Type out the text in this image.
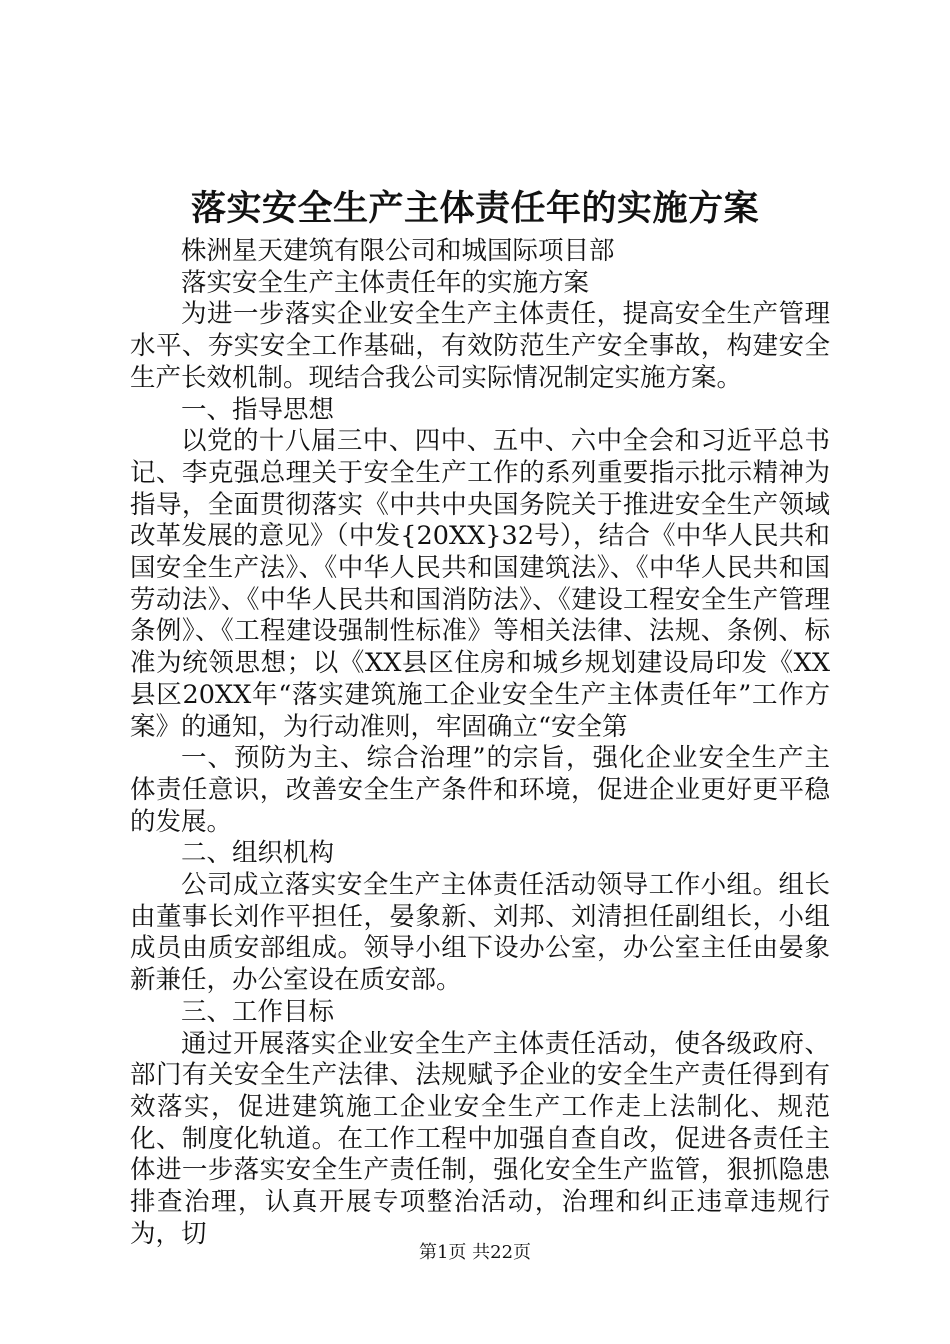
落实安全生产主体责任年的实施方案

株洲星天建筑有限公司和城国际项目部

落实安全生产主体责任年的实施方案

为进一步落实企业安全生产主体责任，提高安全生产管理水平、夯实安全工作基础，有效防范生产安全事故，构建安全生产长效机制。现结合我公司实际情况制定实施方案。

一、指导思想

以党的十八届三中、四中、五中、六中全会和习近平总书记、李克强总理关于安全生产工作的系列重要指示批示精神为指导，全面贯彻落实《中共中央国务院关于推进安全生产领域改革发展的意见》（中发{20XX}32号），结合《中华人民共和国安全生产法》、《中华人民共和国建筑法》、《中华人民共和国劳动法》、《中华人民共和国消防法》、《建设工程安全生产管理条例》、《工程建设强制性标准》等相关法律、法规、条例、标准为统领思想；以《XX县区住房和城乡规划建设局印发《XX县区20XX年“落实建筑施工企业安全生产主体责任年”工作方案》的通知，为行动准则，牢固确立“安全第

一、预防为主、综合治理”的宗旨，强化企业安全生产主体责任意识，改善安全生产条件和环境，促进企业更好更平稳的发展。

二、组织机构

公司成立落实安全生产主体责任活动领导工作小组。组长由董事长刘作平担任，晏象新、刘邦、刘清担任副组长，小组成员由质安部组成。领导小组下设办公室，办公室主任由晏象新兼任，办公室设在质安部。

三、工作目标

通过开展落实企业安全生产主体责任活动，使各级政府、部门有关安全生产法律、法规赋予企业的安全生产责任得到有效落实，促进建筑施工企业安全生产工作走上法制化、规范化、制度化轨道。在工作工程中加强自查自改，促进各责任主体进一步落实安全生产责任制，强化安全生产监管，狠抓隐患排查治理，认真开展专项整治活动，治理和纠正违章违规行为，切

第1页 共22页
